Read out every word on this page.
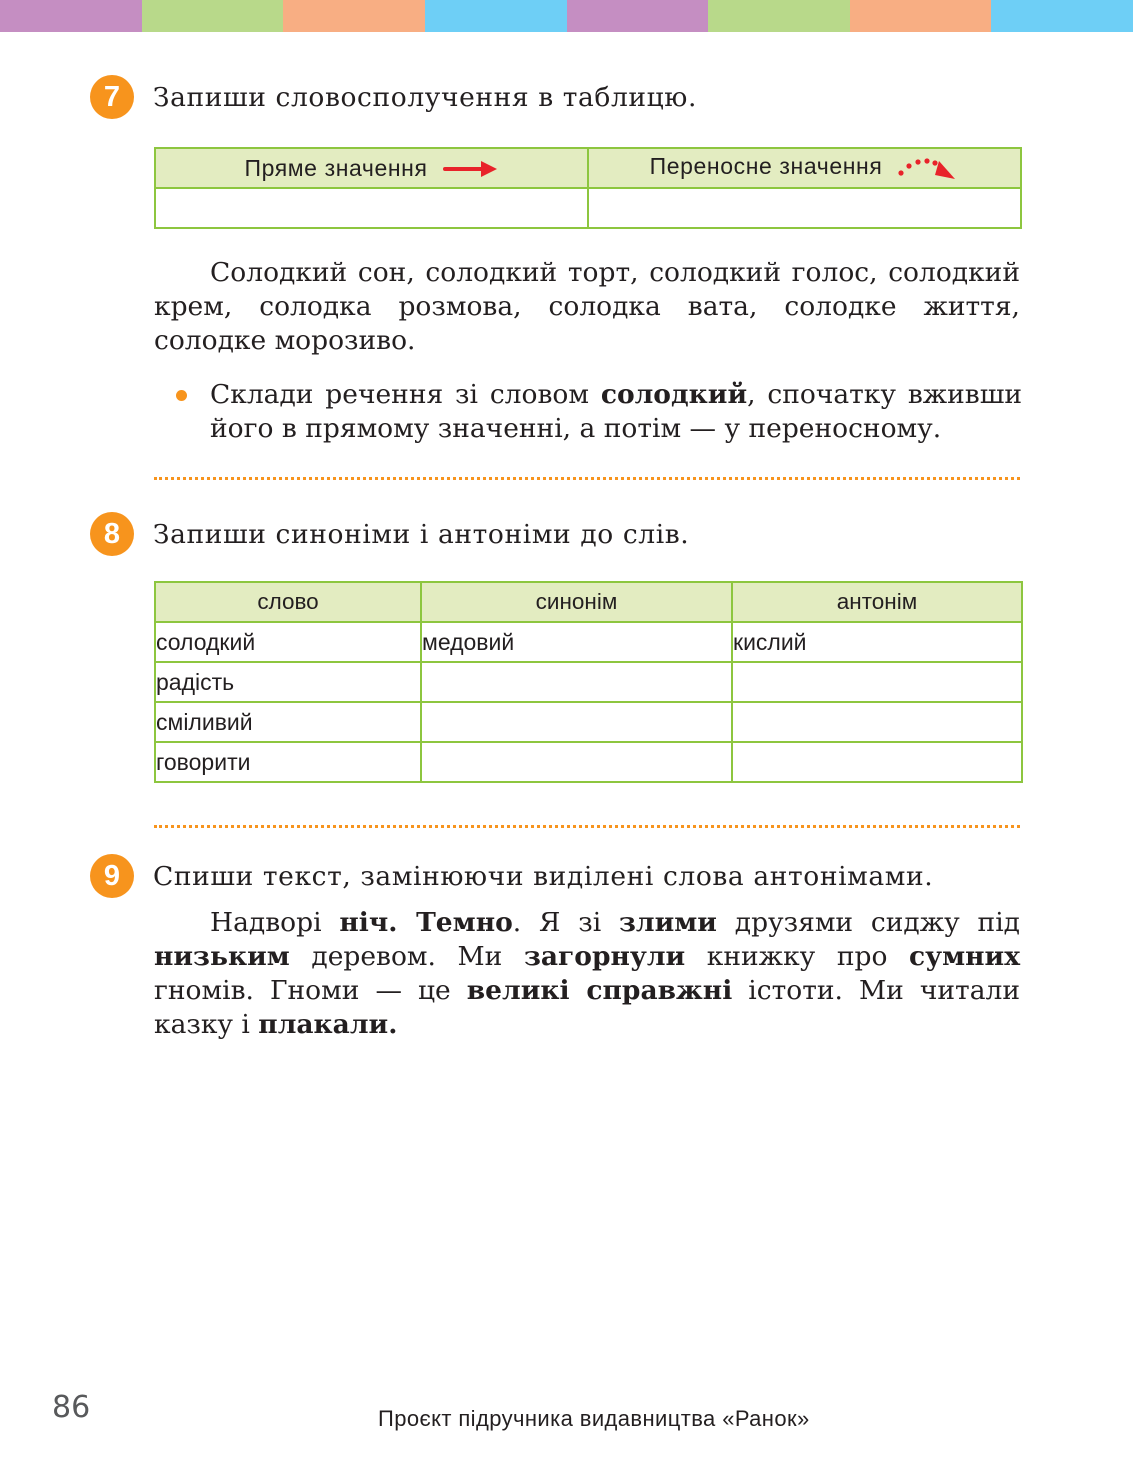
7	Запиши словосполучення в таблицю.
Пряме значення	Переносне значення

Солодкий сон, солодкий торт, солодкий голос, солодкий крем, солодка розмова, солодка вата, солодке життя, солодке морозиво.
Склади речення зі словом солодкий, спочатку вживши його в прямому значенні, а потім — у переносному.
8	Запиши синоніми і антоніми до слів.
слово	синонім	антонім
солодкий	медовий	кислий
радість		
сміливий		
говорити		
9	Спиши текст, замінюючи виділені слова антонімами.
Надворі ніч. Темно. Я зі злими друзями сиджу під низьким деревом. Ми загорнули книжку про сумних гномів. Гноми — це великі справжні істоти. Ми читали казку і плакали.
86	Проєкт підручника видавництва «Ранок»
